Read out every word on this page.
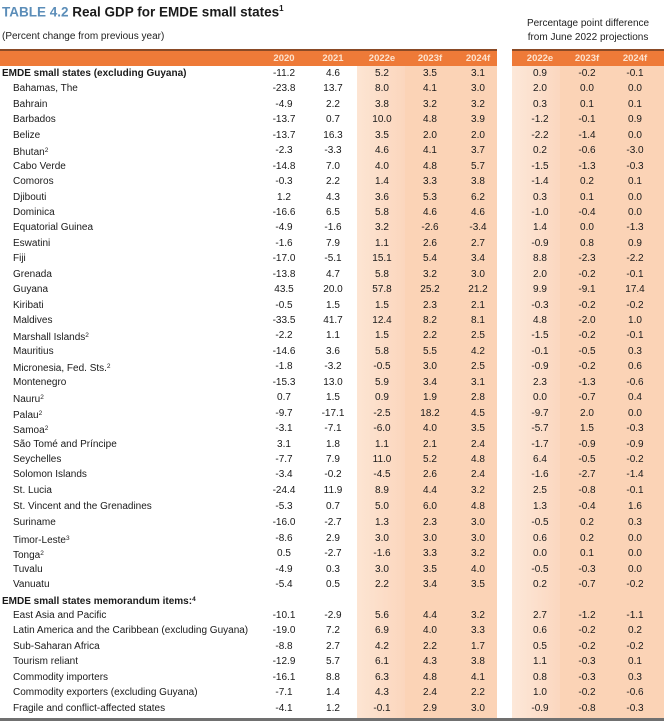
TABLE 4.2 Real GDP for EMDE small states$^1$
(Percent change from previous year)
Percentage point difference
from June 2022 projections
2020	2021	2022e	2023f	2024f	2022e	2023f	2024f
EMDE small states (excluding Guyana)	-11.2	4.6	5.2	3.5	3.1	0.9	-0.2	-0.1
Bahamas, The	-23.8	13.7	8.0	4.1	3.0	2.0	0.0	0.0
Bahrain	-4.9	2.2	3.8	3.2	3.2	0.3	0.1	0.1
Barbados	-13.7	0.7	10.0	4.8	3.9	-1.2	-0.1	0.9
Belize	-13.7	16.3	3.5	2.0	2.0	-2.2	-1.4	0.0
Bhutan$^2$	-2.3	-3.3	4.6	4.1	3.7	0.2	-0.6	-3.0
Cabo Verde	-14.8	7.0	4.0	4.8	5.7	-1.5	-1.3	-0.3
Comoros	-0.3	2.2	1.4	3.3	3.8	-1.4	0.2	0.1
Djibouti	1.2	4.3	3.6	5.3	6.2	0.3	0.1	0.0
Dominica	-16.6	6.5	5.8	4.6	4.6	-1.0	-0.4	0.0
Equatorial Guinea	-4.9	-1.6	3.2	-2.6	-3.4	1.4	0.0	-1.3
Eswatini	-1.6	7.9	1.1	2.6	2.7	-0.9	0.8	0.9
Fiji	-17.0	-5.1	15.1	5.4	3.4	8.8	-2.3	-2.2
Grenada	-13.8	4.7	5.8	3.2	3.0	2.0	-0.2	-0.1
Guyana	43.5	20.0	57.8	25.2	21.2	9.9	-9.1	17.4
Kiribati	-0.5	1.5	1.5	2.3	2.1	-0.3	-0.2	-0.2
Maldives	-33.5	41.7	12.4	8.2	8.1	4.8	-2.0	1.0
Marshall Islands$^2$	-2.2	1.1	1.5	2.2	2.5	-1.5	-0.2	-0.1
Mauritius	-14.6	3.6	5.8	5.5	4.2	-0.1	-0.5	0.3
Micronesia, Fed. Sts.$^2$	-1.8	-3.2	-0.5	3.0	2.5	-0.9	-0.2	0.6
Montenegro	-15.3	13.0	5.9	3.4	3.1	2.3	-1.3	-0.6
Nauru$^2$	0.7	1.5	0.9	1.9	2.8	0.0	-0.7	0.4
Palau$^2$	-9.7	-17.1	-2.5	18.2	4.5	-9.7	2.0	0.0
Samoa$^2$	-3.1	-7.1	-6.0	4.0	3.5	-5.7	1.5	-0.3
São Tomé and Príncipe	3.1	1.8	1.1	2.1	2.4	-1.7	-0.9	-0.9
Seychelles	-7.7	7.9	11.0	5.2	4.8	6.4	-0.5	-0.2
Solomon Islands	-3.4	-0.2	-4.5	2.6	2.4	-1.6	-2.7	-1.4
St. Lucia	-24.4	11.9	8.9	4.4	3.2	2.5	-0.8	-0.1
St. Vincent and the Grenadines	-5.3	0.7	5.0	6.0	4.8	1.3	-0.4	1.6
Suriname	-16.0	-2.7	1.3	2.3	3.0	-0.5	0.2	0.3
Timor-Leste$^3$	-8.6	2.9	3.0	3.0	3.0	0.6	0.2	0.0
Tonga$^2$	0.5	-2.7	-1.6	3.3	3.2	0.0	0.1	0.0
Tuvalu	-4.9	0.3	3.0	3.5	4.0	-0.5	-0.3	0.0
Vanuatu	-5.4	0.5	2.2	3.4	3.5	0.2	-0.7	-0.2
EMDE small states memorandum items:$^4$
East Asia and Pacific	-10.1	-2.9	5.6	4.4	3.2	2.7	-1.2	-1.1
Latin America and the Caribbean (excluding Guyana)	-19.0	7.2	6.9	4.0	3.3	0.6	-0.2	0.2
Sub-Saharan Africa	-8.8	2.7	4.2	2.2	1.7	0.5	-0.2	-0.2
Tourism reliant	-12.9	5.7	6.1	4.3	3.8	1.1	-0.3	0.1
Commodity importers	-16.1	8.8	6.3	4.8	4.1	0.8	-0.3	0.3
Commodity exporters (excluding Guyana)	-7.1	1.4	4.3	2.4	2.2	1.0	-0.2	-0.6
Fragile and conflict-affected states	-4.1	1.2	-0.1	2.9	3.0	-0.9	-0.8	-0.3
